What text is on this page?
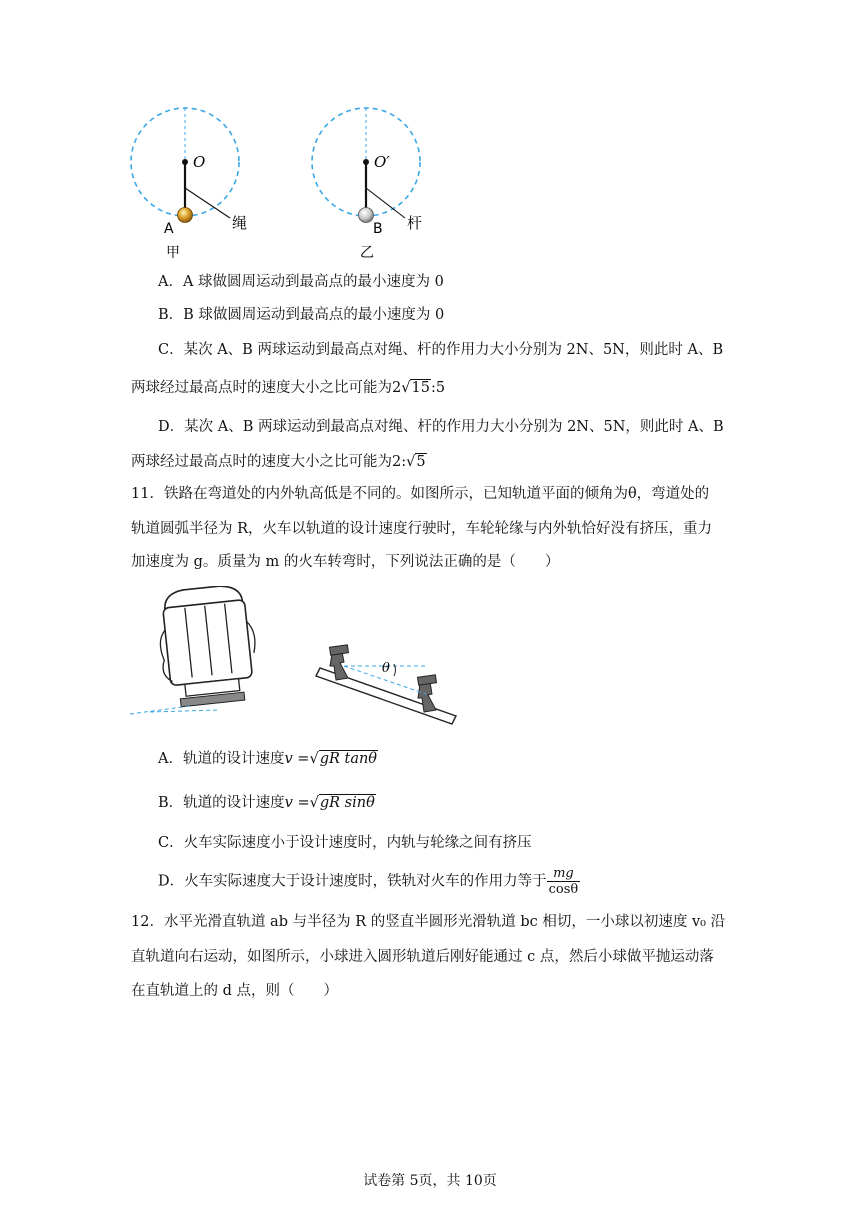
O
A	绳
甲
O′
B 杆
乙
A．A 球做圆周运动到最高点的最小速度为 0
B．B 球做圆周运动到最高点的最小速度为 0
C．某次 A、B 两球运动到最高点对绳、杆的作用力大小分别为 2N、5N，则此时 A、B
两球经过最高点时的速度大小之比可能为2√15:5
D．某次 A、B 两球运动到最高点对绳、杆的作用力大小分别为 2N、5N，则此时 A、B
两球经过最高点时的速度大小之比可能为2:√5
11．铁路在弯道处的内外轨高低是不同的。如图所示，已知轨道平面的倾角为θ，弯道处的
轨道圆弧半径为 R，火车以轨道的设计速度行驶时，车轮轮缘与内外轨恰好没有挤压，重力
加速度为 g。质量为 m 的火车转弯时，下列说法正确的是（　　）
θ
A．轨道的设计速度v =√gR tanθ
B．轨道的设计速度v =√gR sinθ
C．火车实际速度小于设计速度时，内轨与轮缘之间有挤压
D．火车实际速度大于设计速度时，铁轨对火车的作用力等于 $\frac{mg}{\cos\theta}$
12．水平光滑直轨道 ab 与半径为 R 的竖直半圆形光滑轨道 bc 相切，一小球以初速度 v₀ 沿
直轨道向右运动，如图所示，小球进入圆形轨道后刚好能通过 c 点，然后小球做平抛运动落
在直轨道上的 d 点，则（　　）
试卷第 5页，共 10页
